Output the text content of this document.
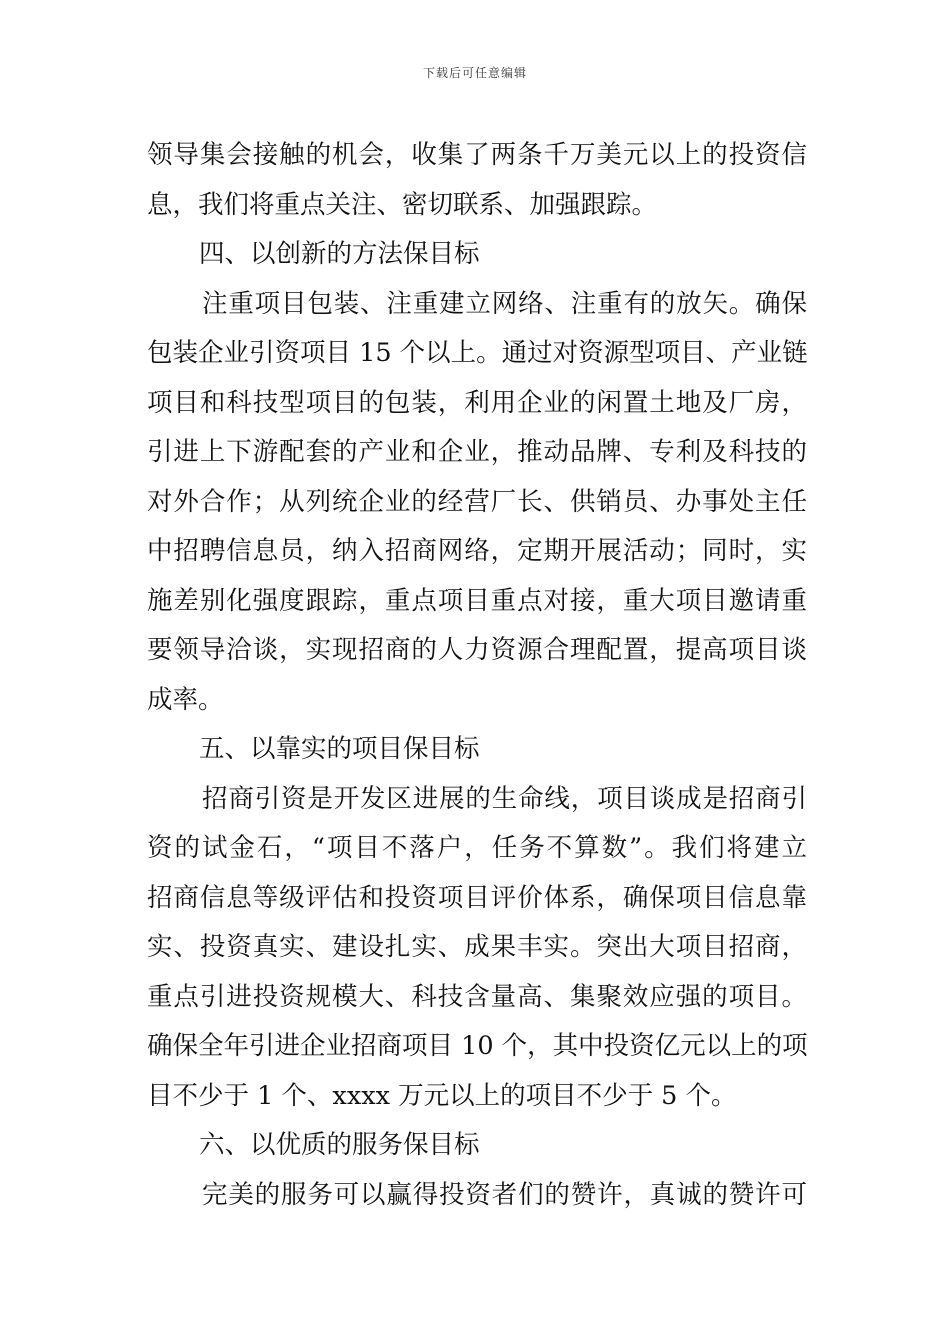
下载后可任意编辑
领导集会接触的机会，收集了两条千万美元以上的投资信
息，我们将重点关注、密切联系、加强跟踪。
四、以创新的方法保目标
注重项目包装、注重建立网络、注重有的放矢。确保
包装企业引资项目 15 个以上。通过对资源型项目、产业链
项目和科技型项目的包装，利用企业的闲置土地及厂房，
引进上下游配套的产业和企业，推动品牌、专利及科技的
对外合作；从列统企业的经营厂长、供销员、办事处主任
中招聘信息员，纳入招商网络，定期开展活动；同时，实
施差别化强度跟踪，重点项目重点对接，重大项目邀请重
要领导洽谈，实现招商的人力资源合理配置，提高项目谈
成率。
五、以靠实的项目保目标
招商引资是开发区进展的生命线，项目谈成是招商引
资的试金石，“项目不落户，任务不算数”。我们将建立
招商信息等级评估和投资项目评价体系，确保项目信息靠
实、投资真实、建设扎实、成果丰实。突出大项目招商，
重点引进投资规模大、科技含量高、集聚效应强的项目。
确保全年引进企业招商项目 10 个，其中投资亿元以上的项
目不少于 1 个、xxxx 万元以上的项目不少于 5 个。
六、以优质的服务保目标
完美的服务可以赢得投资者们的赞许，真诚的赞许可
